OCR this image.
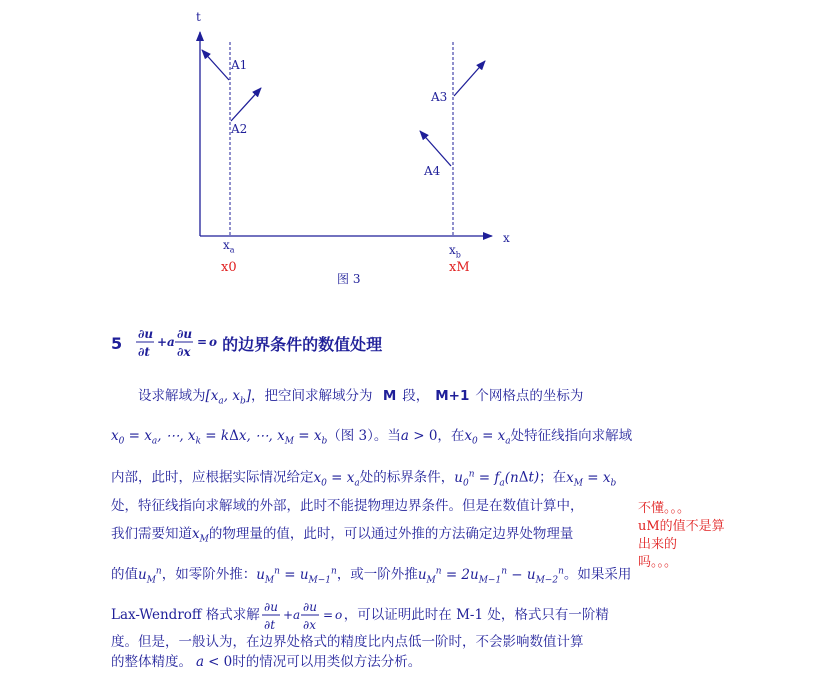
t
x
A1
A2
A3
A4
$x_a$	$x_b$
x0	xM
图 3
5 ∂u
∂t
+ a
∂u
∂x
= o 的边界条件的数值处理
设求解域为[$x_a$, $x_b$]，把空间求解域分为 M 段， M+1 个网格点的坐标为
$x_0 = x_a$, ⋯, $x_k = k\Delta x$, ⋯, $x_M = x_b$（图 3）。当a > 0，在$x_0 = x_a$处特征线指向求解域
内部，此时，应根据实际情况给定$x_0 = x_a$处的标界条件，$u_0^n = f_a(n\Delta t)$；在$x_M = x_b$
处，特征线指向求解域的外部，此时不能提物理边界条件。但是在数值计算中，
我们需要知道$x_M$的物理量的值，此时，可以通过外推的方法确定边界处物理量
的值$u_M^n$，如零阶外推：$u_M^n = u_{M-1}^n$，或一阶外推$u_M^n = 2u_{M-1}^n - u_{M-2}^n$。如果采用
Lax-Wendroff 格式求解
∂u
∂t
+ a
∂u
∂x
= o ，可以证明此时在 M-1 处，格式只有一阶精
度。但是，一般认为，在边界处格式的精度比内点低一阶时，不会影响数值计算
的整体精度。 a < 0时的情况可以用类似方法分析。
不懂。。。
uM的值不是算
出来的
吗。。。
